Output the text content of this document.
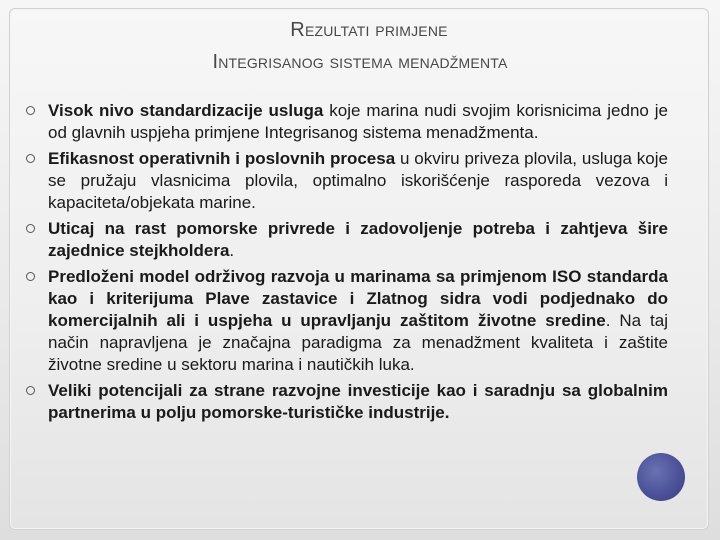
Rezultati primjene
Integrisanog sistema menadžmenta
Visok nivo standardizacije usluga koje marina nudi svojim korisnicima jedno je od glavnih uspjeha primjene Integrisanog sistema menadžmenta.
Efikasnost operativnih i poslovnih procesa u okviru priveza plovila, usluga koje se pružaju vlasnicima plovila, optimalno iskorišćenje rasporeda vezova i kapaciteta/objekata marine.
Uticaj na rast pomorske privrede i zadovoljenje potreba i zahtjeva šire zajednice stejkholdera.
Predloženi model održivog razvoja u marinama sa primjenom ISO standarda kao i kriterijuma Plave zastavice i Zlatnog sidra vodi podjednako do komercijalnih ali i uspjeha u upravljanju zaštitom životne sredine. Na taj način napravljena je značajna paradigma za menadžment kvaliteta i zaštite životne sredine u sektoru marina i nautičkih luka.
Veliki potencijali za strane razvojne investicije kao i saradnju sa globalnim partnerima u polju pomorske-turističke industrije.
